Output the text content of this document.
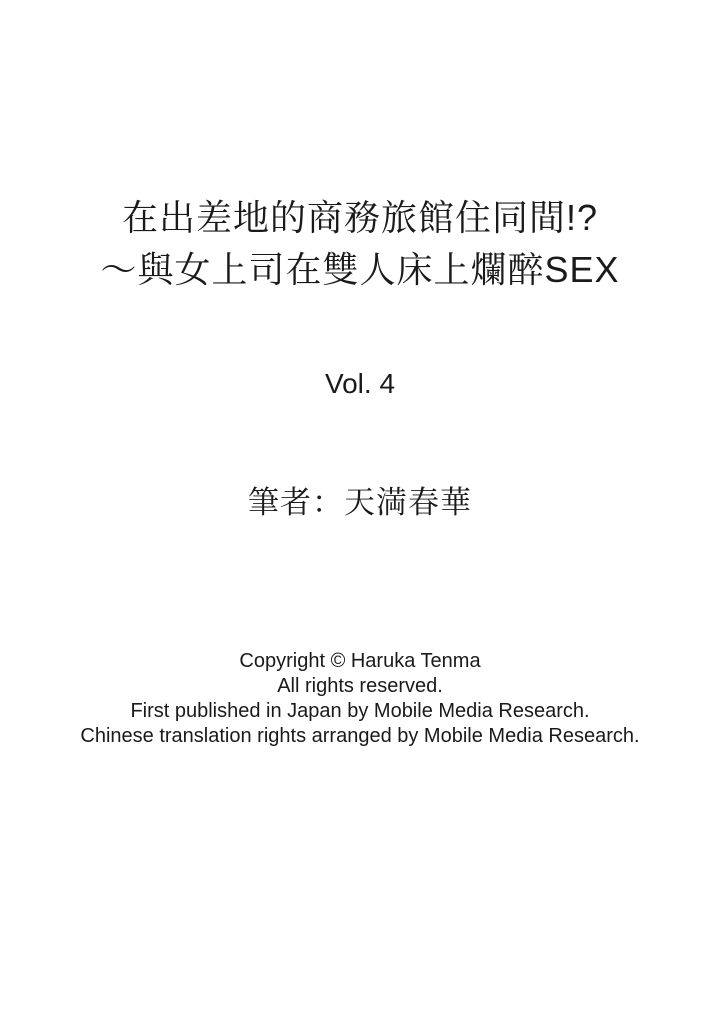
在出差地的商務旅館住同間!?
～與女上司在雙人床上爛醉SEX
Vol. 4
筆者：天満春華
Copyright © Haruka Tenma
All rights reserved.
First published in Japan by Mobile Media Research.
Chinese translation rights arranged by Mobile Media Research.
